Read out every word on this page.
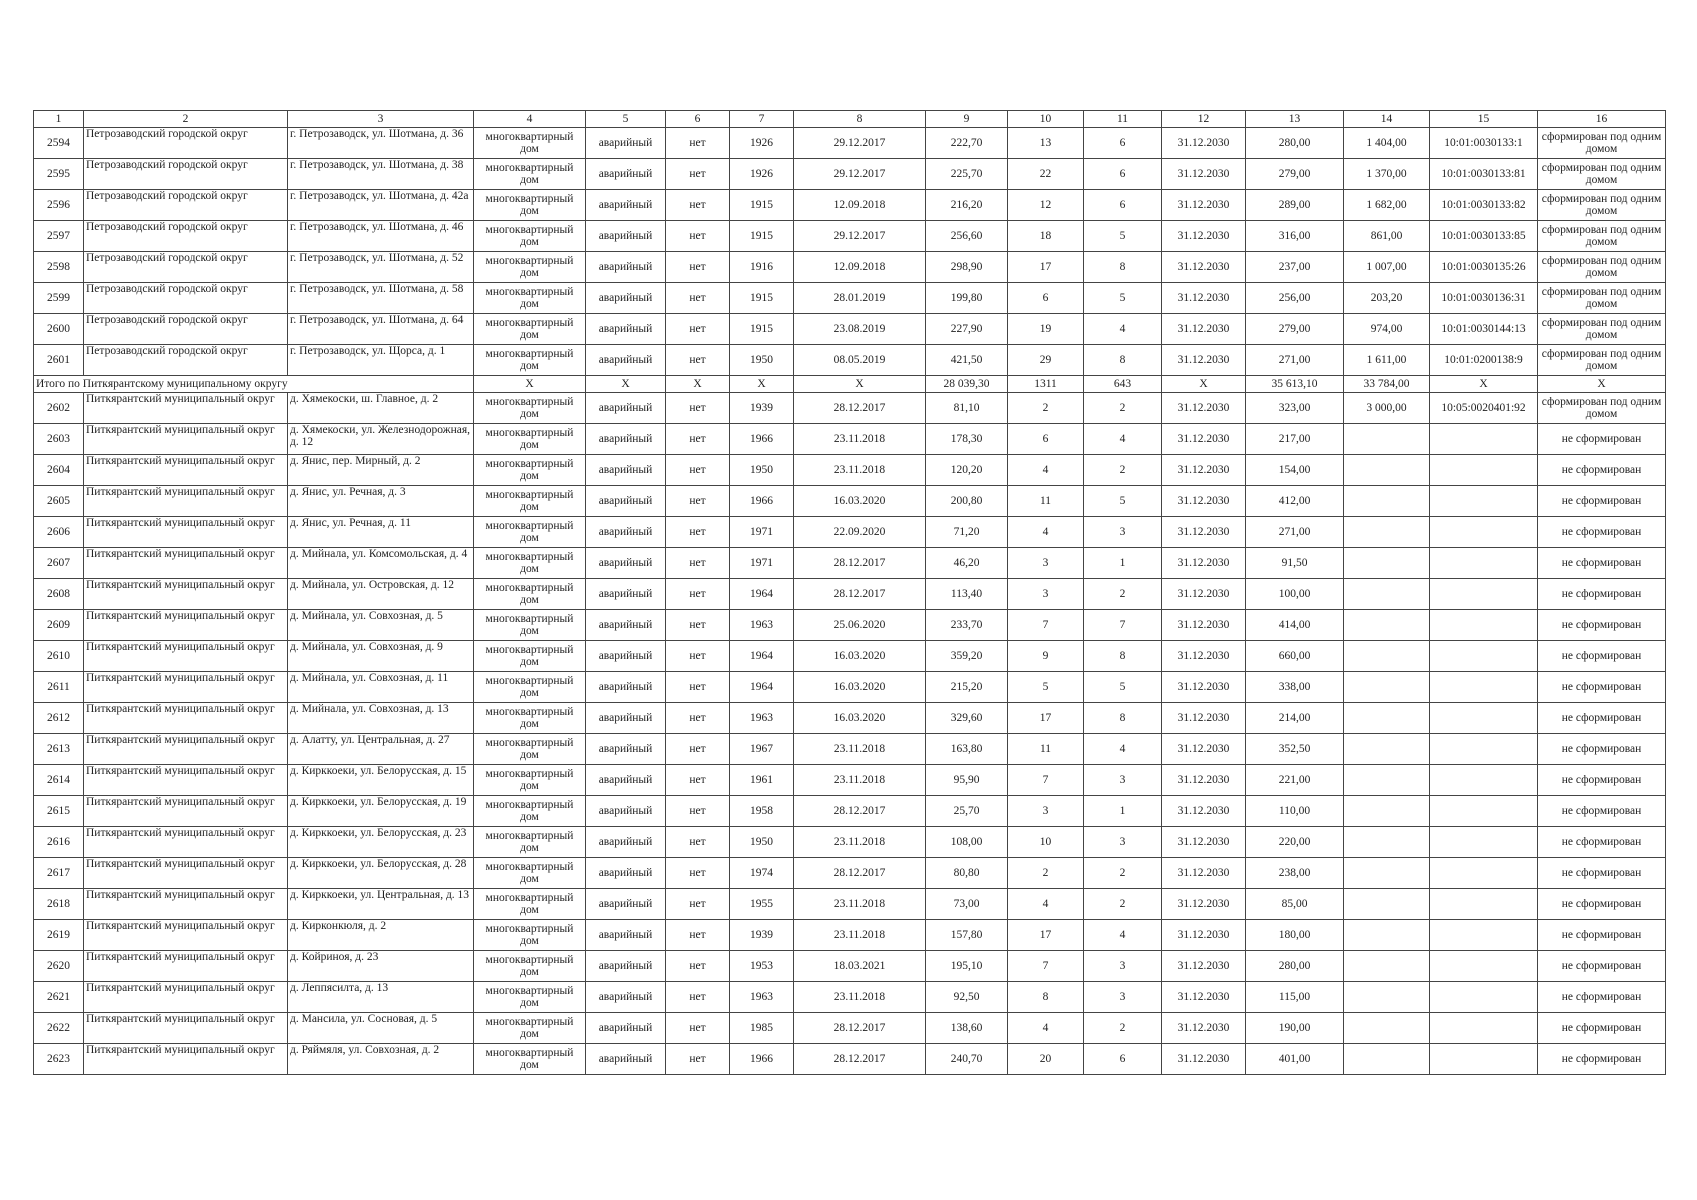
1	2	3	4	5	6	7	8	9	10	11	12	13	14	15	16
2594	Петрозаводский городской округ	г. Петрозаводск, ул. Шотмана, д. 36	многоквартирный дом	аварийный	нет	1926	29.12.2017	222,70	13	6	31.12.2030	280,00	1 404,00	10:01:0030133:1	сформирован под одним домом
2595	Петрозаводский городской округ	г. Петрозаводск, ул. Шотмана, д. 38	многоквартирный дом	аварийный	нет	1926	29.12.2017	225,70	22	6	31.12.2030	279,00	1 370,00	10:01:0030133:81	сформирован под одним домом
2596	Петрозаводский городской округ	г. Петрозаводск, ул. Шотмана, д. 42а	многоквартирный дом	аварийный	нет	1915	12.09.2018	216,20	12	6	31.12.2030	289,00	1 682,00	10:01:0030133:82	сформирован под одним домом
2597	Петрозаводский городской округ	г. Петрозаводск, ул. Шотмана, д. 46	многоквартирный дом	аварийный	нет	1915	29.12.2017	256,60	18	5	31.12.2030	316,00	861,00	10:01:0030133:85	сформирован под одним домом
2598	Петрозаводский городской округ	г. Петрозаводск, ул. Шотмана, д. 52	многоквартирный дом	аварийный	нет	1916	12.09.2018	298,90	17	8	31.12.2030	237,00	1 007,00	10:01:0030135:26	сформирован под одним домом
2599	Петрозаводский городской округ	г. Петрозаводск, ул. Шотмана, д. 58	многоквартирный дом	аварийный	нет	1915	28.01.2019	199,80	6	5	31.12.2030	256,00	203,20	10:01:0030136:31	сформирован под одним домом
2600	Петрозаводский городской округ	г. Петрозаводск, ул. Шотмана, д. 64	многоквартирный дом	аварийный	нет	1915	23.08.2019	227,90	19	4	31.12.2030	279,00	974,00	10:01:0030144:13	сформирован под одним домом
2601	Петрозаводский городской округ	г. Петрозаводск, ул. Щорса, д. 1	многоквартирный дом	аварийный	нет	1950	08.05.2019	421,50	29	8	31.12.2030	271,00	1 611,00	10:01:0200138:9	сформирован под одним домом
Итого по Питкярантскому муниципальному округу			X	X	X	X	X	28 039,30	1311	643	X	35 613,10	33 784,00	X	X
2602	Питкярантский муниципальный округ	д. Хямекоски, ш. Главное, д. 2	многоквартирный дом	аварийный	нет	1939	28.12.2017	81,10	2	2	31.12.2030	323,00	3 000,00	10:05:0020401:92	сформирован под одним домом
2603	Питкярантский муниципальный округ	д. Хямекоски, ул. Железнодорожная, д. 12	многоквартирный дом	аварийный	нет	1966	23.11.2018	178,30	6	4	31.12.2030	217,00			не сформирован
2604	Питкярантский муниципальный округ	д. Янис, пер. Мирный, д. 2	многоквартирный дом	аварийный	нет	1950	23.11.2018	120,20	4	2	31.12.2030	154,00			не сформирован
2605	Питкярантский муниципальный округ	д. Янис, ул. Речная, д. 3	многоквартирный дом	аварийный	нет	1966	16.03.2020	200,80	11	5	31.12.2030	412,00			не сформирован
2606	Питкярантский муниципальный округ	д. Янис, ул. Речная, д. 11	многоквартирный дом	аварийный	нет	1971	22.09.2020	71,20	4	3	31.12.2030	271,00			не сформирован
2607	Питкярантский муниципальный округ	д. Мийнала, ул. Комсомольская, д. 4	многоквартирный дом	аварийный	нет	1971	28.12.2017	46,20	3	1	31.12.2030	91,50			не сформирован
2608	Питкярантский муниципальный округ	д. Мийнала, ул. Островская, д. 12	многоквартирный дом	аварийный	нет	1964	28.12.2017	113,40	3	2	31.12.2030	100,00			не сформирован
2609	Питкярантский муниципальный округ	д. Мийнала, ул. Совхозная, д. 5	многоквартирный дом	аварийный	нет	1963	25.06.2020	233,70	7	7	31.12.2030	414,00			не сформирован
2610	Питкярантский муниципальный округ	д. Мийнала, ул. Совхозная, д. 9	многоквартирный дом	аварийный	нет	1964	16.03.2020	359,20	9	8	31.12.2030	660,00			не сформирован
2611	Питкярантский муниципальный округ	д. Мийнала, ул. Совхозная, д. 11	многоквартирный дом	аварийный	нет	1964	16.03.2020	215,20	5	5	31.12.2030	338,00			не сформирован
2612	Питкярантский муниципальный округ	д. Мийнала, ул. Совхозная, д. 13	многоквартирный дом	аварийный	нет	1963	16.03.2020	329,60	17	8	31.12.2030	214,00			не сформирован
2613	Питкярантский муниципальный округ	д. Алатту, ул. Центральная, д. 27	многоквартирный дом	аварийный	нет	1967	23.11.2018	163,80	11	4	31.12.2030	352,50			не сформирован
2614	Питкярантский муниципальный округ	д. Кирккоеки, ул. Белорусская, д. 15	многоквартирный дом	аварийный	нет	1961	23.11.2018	95,90	7	3	31.12.2030	221,00			не сформирован
2615	Питкярантский муниципальный округ	д. Кирккоеки, ул. Белорусская, д. 19	многоквартирный дом	аварийный	нет	1958	28.12.2017	25,70	3	1	31.12.2030	110,00			не сформирован
2616	Питкярантский муниципальный округ	д. Кирккоеки, ул. Белорусская, д. 23	многоквартирный дом	аварийный	нет	1950	23.11.2018	108,00	10	3	31.12.2030	220,00			не сформирован
2617	Питкярантский муниципальный округ	д. Кирккоеки, ул. Белорусская, д. 28	многоквартирный дом	аварийный	нет	1974	28.12.2017	80,80	2	2	31.12.2030	238,00			не сформирован
2618	Питкярантский муниципальный округ	д. Кирккоеки, ул. Центральная, д. 13	многоквартирный дом	аварийный	нет	1955	23.11.2018	73,00	4	2	31.12.2030	85,00			не сформирован
2619	Питкярантский муниципальный округ	д. Кирконкюля, д. 2	многоквартирный дом	аварийный	нет	1939	23.11.2018	157,80	17	4	31.12.2030	180,00			не сформирован
2620	Питкярантский муниципальный округ	д. Койриноя, д. 23	многоквартирный дом	аварийный	нет	1953	18.03.2021	195,10	7	3	31.12.2030	280,00			не сформирован
2621	Питкярантский муниципальный округ	д. Леппясилта, д. 13	многоквартирный дом	аварийный	нет	1963	23.11.2018	92,50	8	3	31.12.2030	115,00			не сформирован
2622	Питкярантский муниципальный округ	д. Мансила, ул. Сосновая, д. 5	многоквартирный дом	аварийный	нет	1985	28.12.2017	138,60	4	2	31.12.2030	190,00			не сформирован
2623	Питкярантский муниципальный округ	д. Ряймяля, ул. Совхозная, д. 2	многоквартирный дом	аварийный	нет	1966	28.12.2017	240,70	20	6	31.12.2030	401,00			не сформирован
